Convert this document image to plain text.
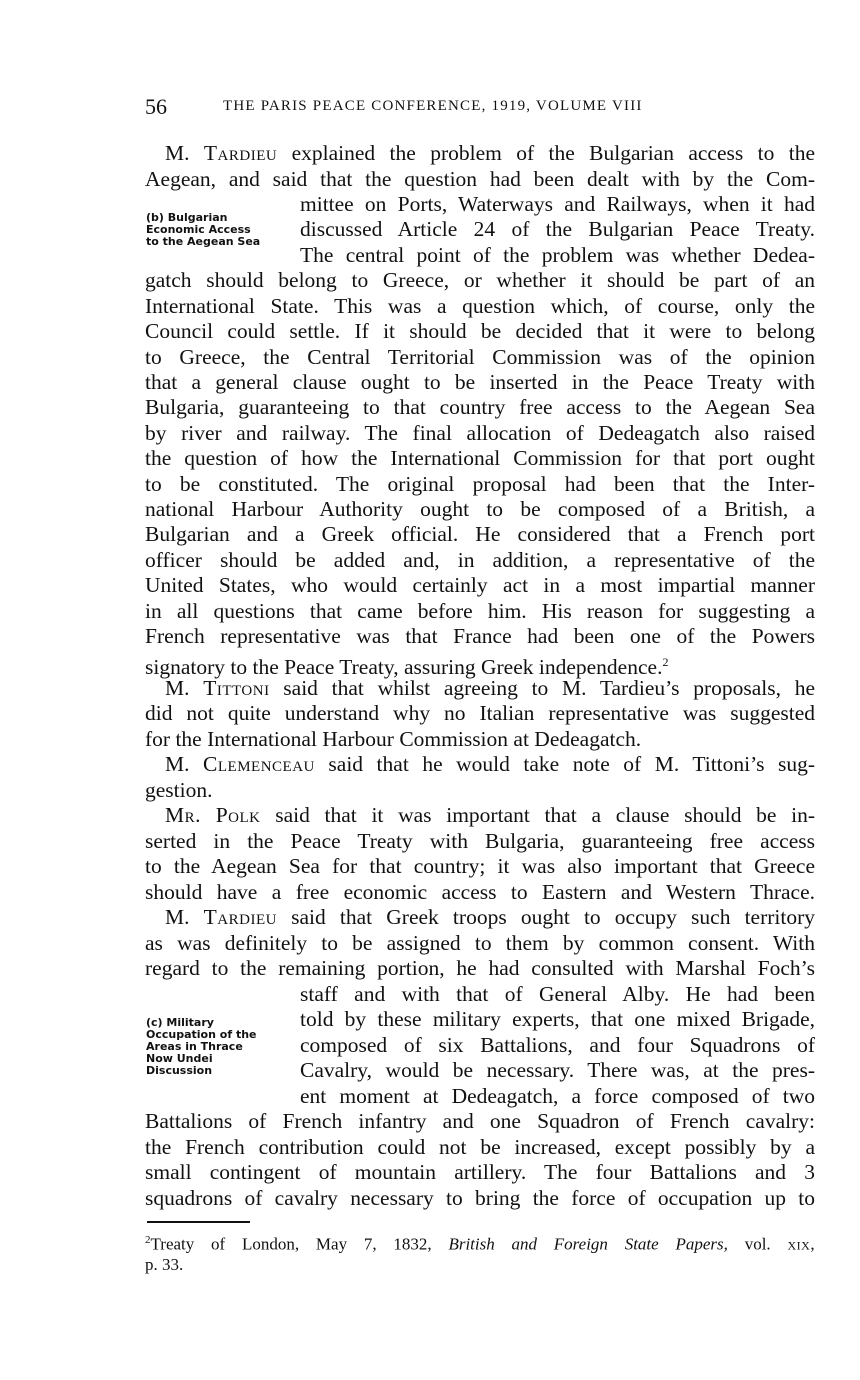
56	THE PARIS PEACE CONFERENCE, 1919, VOLUME VIII
(b) Bulgarian
Economic Access
to the Aegean Sea
(c) Military
Occupation of the
Areas in Thrace
Now Undei
Discussion
M. Tardieu explained the problem of the Bulgarian access to the
Aegean, and said that the question had been dealt with by the Com-
mittee on Ports, Waterways and Railways, when it had
discussed Article 24 of the Bulgarian Peace Treaty.
The central point of the problem was whether Dedea-
gatch should belong to Greece, or whether it should be part of an
International State. This was a question which, of course, only the
Council could settle. If it should be decided that it were to belong
to Greece, the Central Territorial Commission was of the opinion
that a general clause ought to be inserted in the Peace Treaty with
Bulgaria, guaranteeing to that country free access to the Aegean Sea
by river and railway. The final allocation of Dedeagatch also raised
the question of how the International Commission for that port ought
to be constituted. The original proposal had been that the Inter-
national Harbour Authority ought to be composed of a British, a
Bulgarian and a Greek official. He considered that a French port
officer should be added and, in addition, a representative of the
United States, who would certainly act in a most impartial manner
in all questions that came before him. His reason for suggesting a
French representative was that France had been one of the Powers
signatory to the Peace Treaty, assuring Greek independence.$^2$
M. Tittoni said that whilst agreeing to M. Tardieu’s proposals, he
did not quite understand why no Italian representative was suggested
for the International Harbour Commission at Dedeagatch.
M. Clemenceau said that he would take note of M. Tittoni’s sug-
gestion.
Mr. Polk said that it was important that a clause should be in-
serted in the Peace Treaty with Bulgaria, guaranteeing free access
to the Aegean Sea for that country; it was also important that Greece
should have a free economic access to Eastern and Western Thrace.
M. Tardieu said that Greek troops ought to occupy such territory
as was definitely to be assigned to them by common consent. With
regard to the remaining portion, he had consulted with Marshal Foch’s
staff and with that of General Alby. He had been
told by these military experts, that one mixed Brigade,
composed of six Battalions, and four Squadrons of
Cavalry, would be necessary. There was, at the pres-
ent moment at Dedeagatch, a force composed of two
Battalions of French infantry and one Squadron of French cavalry:
the French contribution could not be increased, except possibly by a
small contingent of mountain artillery. The four Battalions and 3
squadrons of cavalry necessary to bring the force of occupation up to
$^2$Treaty of London, May 7, 1832, British and Foreign State Papers, vol. xix,
p. 33.
